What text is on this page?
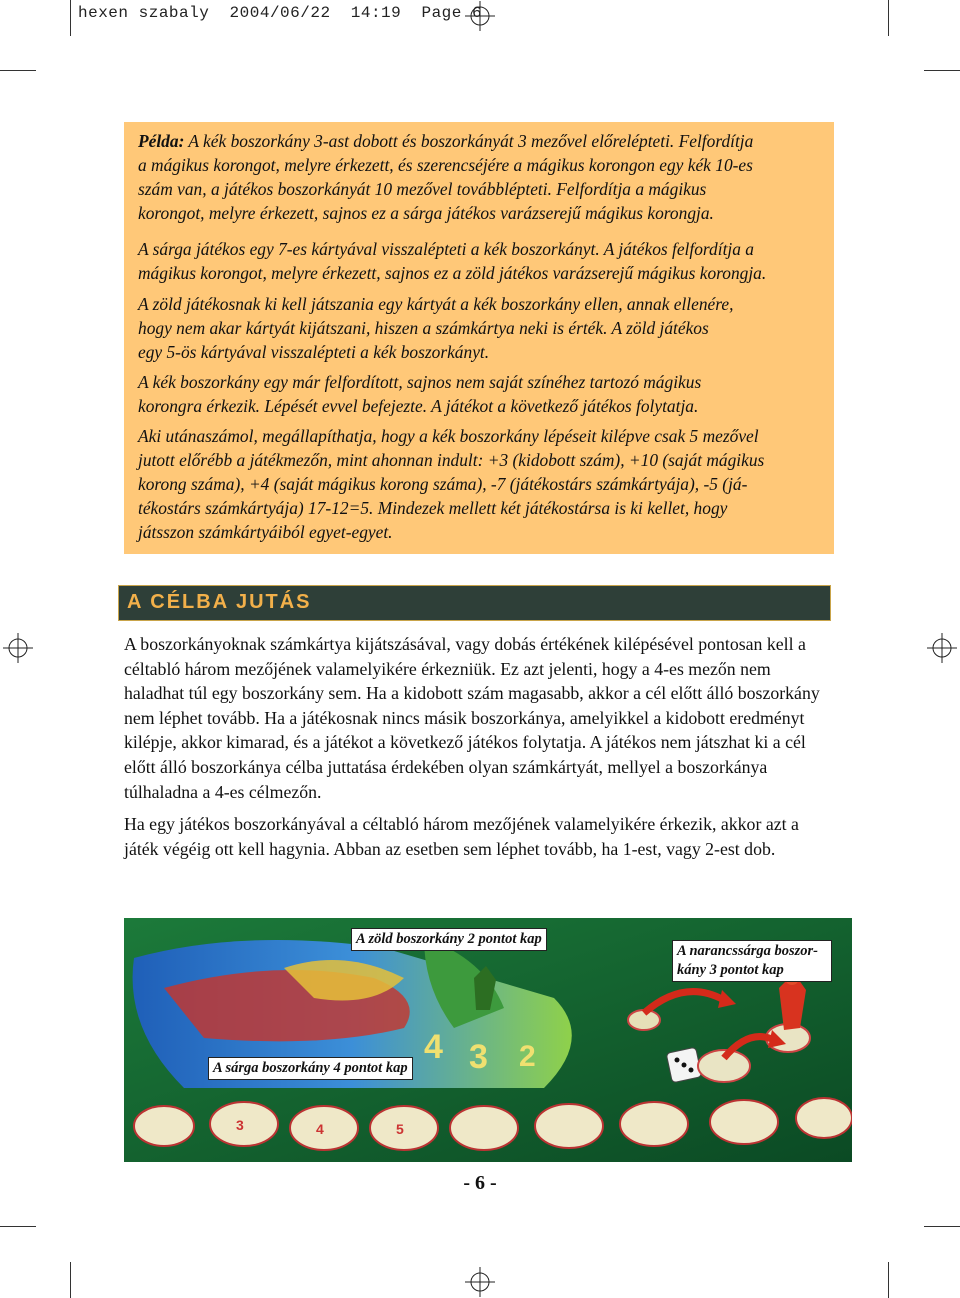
hexen szabaly 2004/06/22 14:19 Page 6

Példa: A kék boszorkány 3-ast dobott és boszorkányát 3 mezővel előrelépteti. Felfordítja

a mágikus korongot, melyre érkezett, és szerencséjére a mágikus korongon egy kék 10-es

szám van, a játékos boszorkányát 10 mezővel továbblépteti. Felfordítja a mágikus

korongot, melyre érkezett, sajnos ez a sárga játékos varázserejű mágikus korongja.

A sárga játékos egy 7-es kártyával visszalépteti a kék boszorkányt. A játékos felfordítja a

mágikus korongot, melyre érkezett, sajnos ez a zöld játékos varázserejű mágikus korongja.

A zöld játékosnak ki kell játszania egy kártyát a kék boszorkány ellen, annak ellenére,

hogy nem akar kártyát kijátszani, hiszen a számkártya neki is érték. A zöld játékos

egy 5-ös kártyával visszalépteti a kék boszorkányt.

A kék boszorkány egy már felfordított, sajnos nem saját színéhez tartozó mágikus

korongra érkezik. Lépését evvel befejezte. A játékot a következő játékos folytatja.

Aki utánaszámol, megállapíthatja, hogy a kék boszorkány lépéseit kilépve csak 5 mezővel

jutott előrébb a játékmezőn, mint ahonnan indult: +3 (kidobott szám), +10 (saját mágikus

korong száma), +4 (saját mágikus korong száma), -7 (játékostárs számkártyája), -5 (já-

tékostárs számkártyája) 17-12=5. Mindezek mellett két játékostársa is ki kellet, hogy

játsszon számkártyáiból egyet-egyet.

A CÉLBA JUTÁS

A boszorkányoknak számkártya kijátszásával, vagy dobás értékének kilépésével pontosan kell a céltabló három mezőjének valamelyikére érkezniük. Ez azt jelenti, hogy a 4-es mezőn nem haladhat túl egy boszorkány sem. Ha a kidobott szám magasabb, akkor a cél előtt álló boszorkány nem léphet tovább. Ha a játékosnak nincs másik boszorkánya, amelyikkel a kidobott eredményt kilépje, akkor kimarad, és a játékot a következő játékos folytatja. A játékos nem játszhat ki a cél előtt álló boszorkánya célba juttatása érdekében olyan számkártyát, mellyel a boszorkánya túlhaladna a 4-es célmezőn.

Ha egy játékos boszorkányával a céltabló három mezőjének valamelyikére érkezik, akkor azt a játék végéig ott kell hagynia. Abban az esetben sem léphet tovább, ha 1-est, vagy 2-est dob.

4 3 2
3	4	5
A zöld boszorkány 2 pontot kap
A narancssárga boszor- kány 3 pontot kap
A sárga boszorkány 4 pontot kap
- 6 -
